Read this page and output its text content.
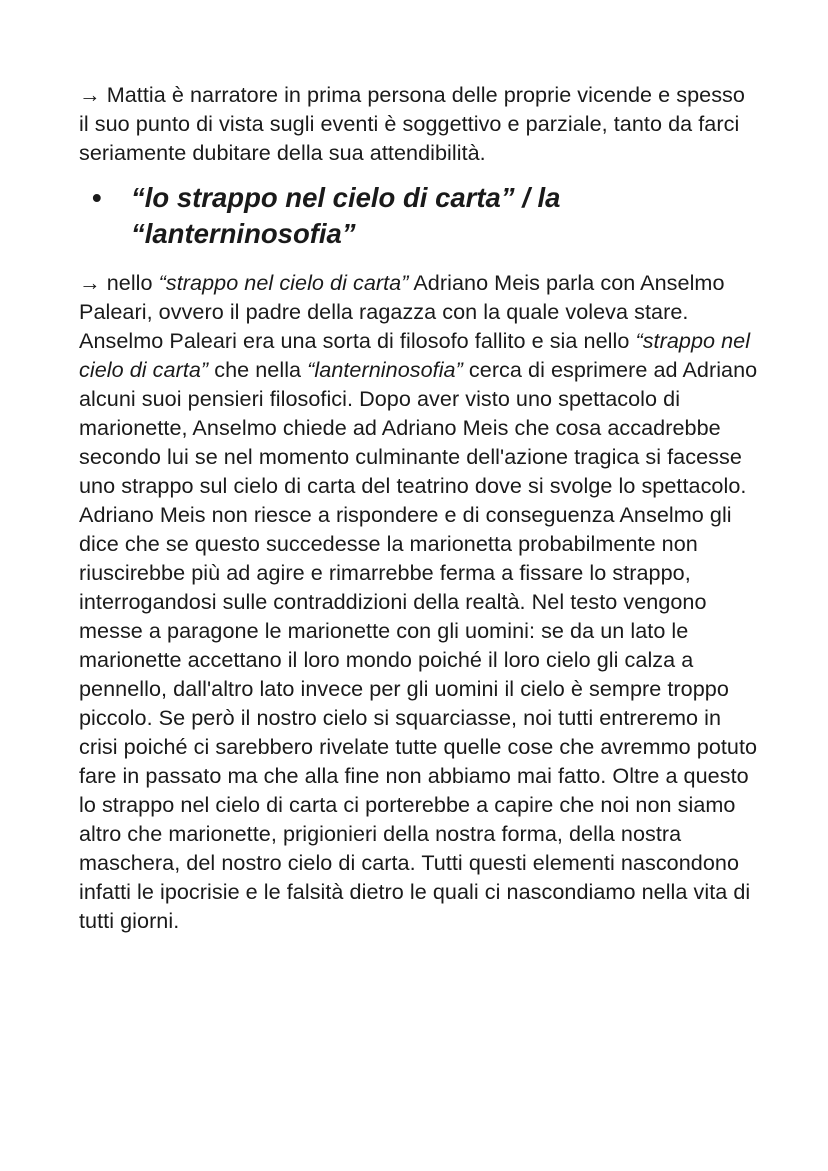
→ Mattia è narratore in prima persona delle proprie vicende e spesso il suo punto di vista sugli eventi è soggettivo e parziale, tanto da farci seriamente dubitare della sua attendibilità.

• “lo strappo nel cielo di carta” / la “lanterninosofia”

→ nello “strappo nel cielo di carta” Adriano Meis parla con Anselmo Paleari, ovvero il padre della ragazza con la quale voleva stare. Anselmo Paleari era una sorta di filosofo fallito e sia nello “strappo nel cielo di carta” che nella “lanterninosofia” cerca di esprimere ad Adriano alcuni suoi pensieri filosofici. Dopo aver visto uno spettacolo di marionette, Anselmo chiede ad Adriano Meis che cosa accadrebbe secondo lui se nel momento culminante dell'azione tragica si facesse uno strappo sul cielo di carta del teatrino dove si svolge lo spettacolo. Adriano Meis non riesce a rispondere e di conseguenza Anselmo gli dice che se questo succedesse la marionetta probabilmente non riuscirebbe più ad agire e rimarrebbe ferma a fissare lo strappo, interrogandosi sulle contraddizioni della realtà. Nel testo vengono messe a paragone le marionette con gli uomini: se da un lato le marionette accettano il loro mondo poiché il loro cielo gli calza a pennello, dall'altro lato invece per gli uomini il cielo è sempre troppo piccolo. Se però il nostro cielo si squarciasse, noi tutti entreremo in crisi poiché ci sarebbero rivelate tutte quelle cose che avremmo potuto fare in passato ma che alla fine non abbiamo mai fatto. Oltre a questo lo strappo nel cielo di carta ci porterebbe a capire che noi non siamo altro che marionette, prigionieri della nostra forma, della nostra maschera, del nostro cielo di carta. Tutti questi elementi nascondono infatti le ipocrisie e le falsità dietro le quali ci nascondiamo nella vita di tutti giorni.
